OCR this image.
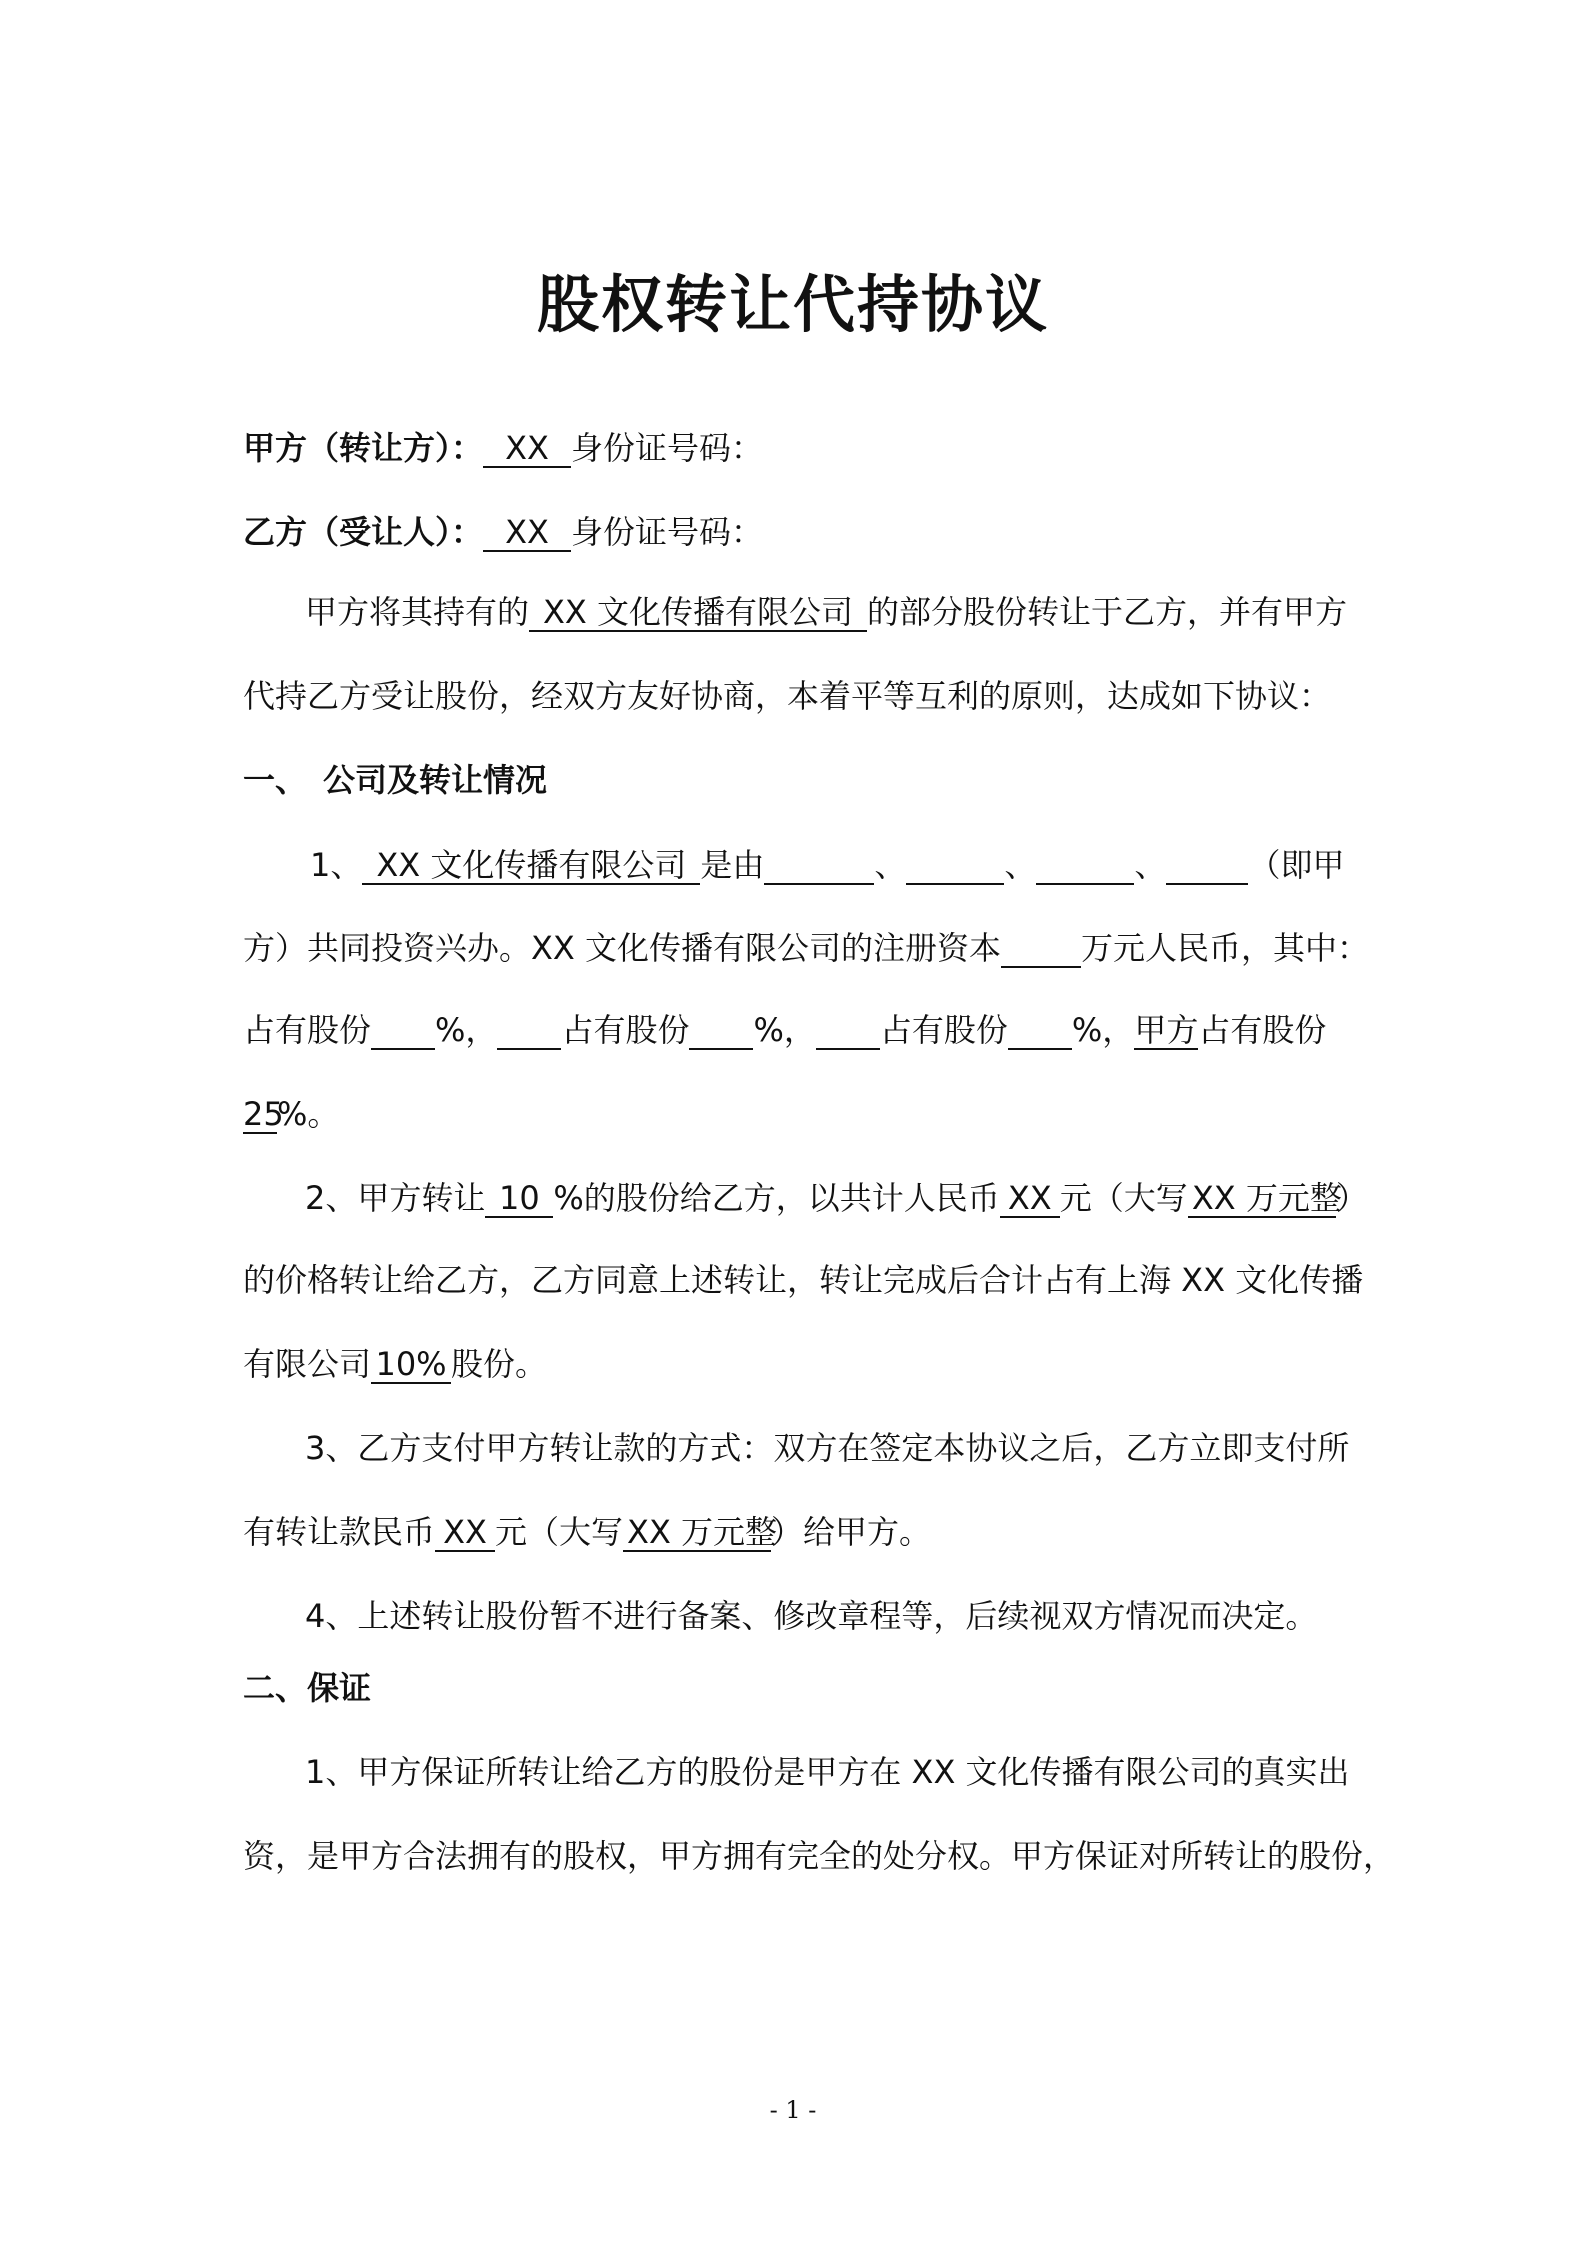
股权转让代持协议
甲方（转让方）： XX 身份证号码：
乙方（受让人）： XX 身份证号码：
甲方将其持有的 XX 文化传播有限公司 的部分股份转让于乙方，并有甲方
代持乙方受让股份，经双方友好协商，本着平等互利的原则，达成如下协议：
一、　公司及转让情况
1、 XX 文化传播有限公司 是由	、	、	、	（即甲
方）共同投资兴办。XX 文化传播有限公司的注册资本	万元人民币，其中：
占有股份 %， 占有股份 %， 占有股份 %，甲方占有股份
25%。
2、甲方转让 10 %的股份给乙方，以共计人民币 XX 元（大写 XX 万元整）
的价格转让给乙方，乙方同意上述转让，转让完成后合计占有上海 XX 文化传播
有限公司 10% 股份。
3、乙方支付甲方转让款的方式：双方在签定本协议之后，乙方立即支付所
有转让款民币 XX 元（大写 XX 万元整）给甲方。
4、上述转让股份暂不进行备案、修改章程等，后续视双方情况而决定。
二、保证
1、甲方保证所转让给乙方的股份是甲方在 XX 文化传播有限公司的真实出
资，是甲方合法拥有的股权，甲方拥有完全的处分权。甲方保证对所转让的股份，
- 1 -
